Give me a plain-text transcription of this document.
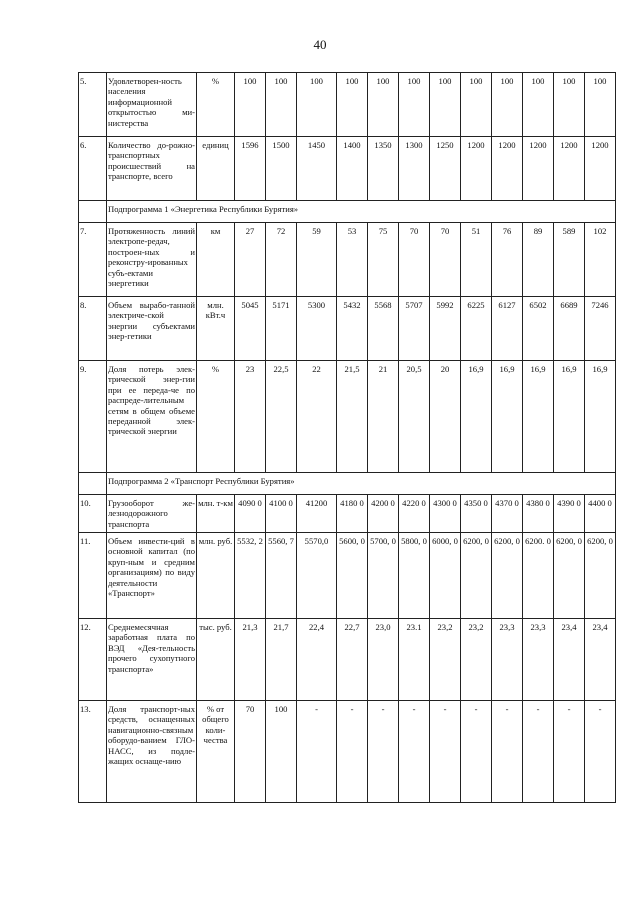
40
5.	Удовлетворен-ность населения информационной открытостью ми-нистерства	%	100	100	100	100	100	100	100	100	100	100	100	100
6.	Количество до-рожно-транспортных происшествий на транспорте, всего	единиц	1596	1500	1450	1400	1350	1300	1250	1200	1200	1200	1200	1200
	Подпрограмма 1 «Энергетика Республики Бурятия»													
7.	Протяженность линий электропе-редач, построен-ных и реконстру-ированных субъ-ектами энергетики	км	27	72	59	53	75	70	70	51	76	89	589	102
8.	Объем вырабо-танной электриче-ской энергии субъектами энер-гетики	млн. кВт.ч	5045	5171	5300	5432	5568	5707	5992	6225	6127	6502	6689	7246
9.	Доля потерь элек-трической энер-гии при ее переда-че по распреде-лительным сетям в общем объеме переданной элек-трической энергии	%	23	22,5	22	21,5	21	20,5	20	16,9	16,9	16,9	16,9	16,9
	Подпрограмма 2 «Транспорт Республики Бурятия»													
10.	Грузооборот же-лезнодорожного транспорта	млн. т-км	4090 0	4100 0	41200	4180 0	4200 0	4220 0	4300 0	4350 0	4370 0	4380 0	4390 0	4400 0
11.	Объем инвести-ций в основной капитал (по круп-ным и средним организациям) по виду деятельности «Транспорт»	млн. руб.	5532, 2	5560, 7	5570,0	5600, 0	5700, 0	5800, 0	6000, 0	6200, 0	6200, 0	6200. 0	6200, 0	6200, 0
12.	Среднемесячная заработная плата по ВЭД «Дея-тельность прочего сухопутного транспорта»	тыс. руб.	21,3	21,7	22,4	22,7	23,0	23.1	23,2	23,2	23,3	23,3	23,4	23,4
13.	Доля транспорт-ных средств, оснащенных навигационно-связным оборудо-ванием ГЛО-НАСС, из подле-жащих оснаще-нию	% от общего коли-чества	70	100	-	-	-	-	-	-	-	-	-	-
